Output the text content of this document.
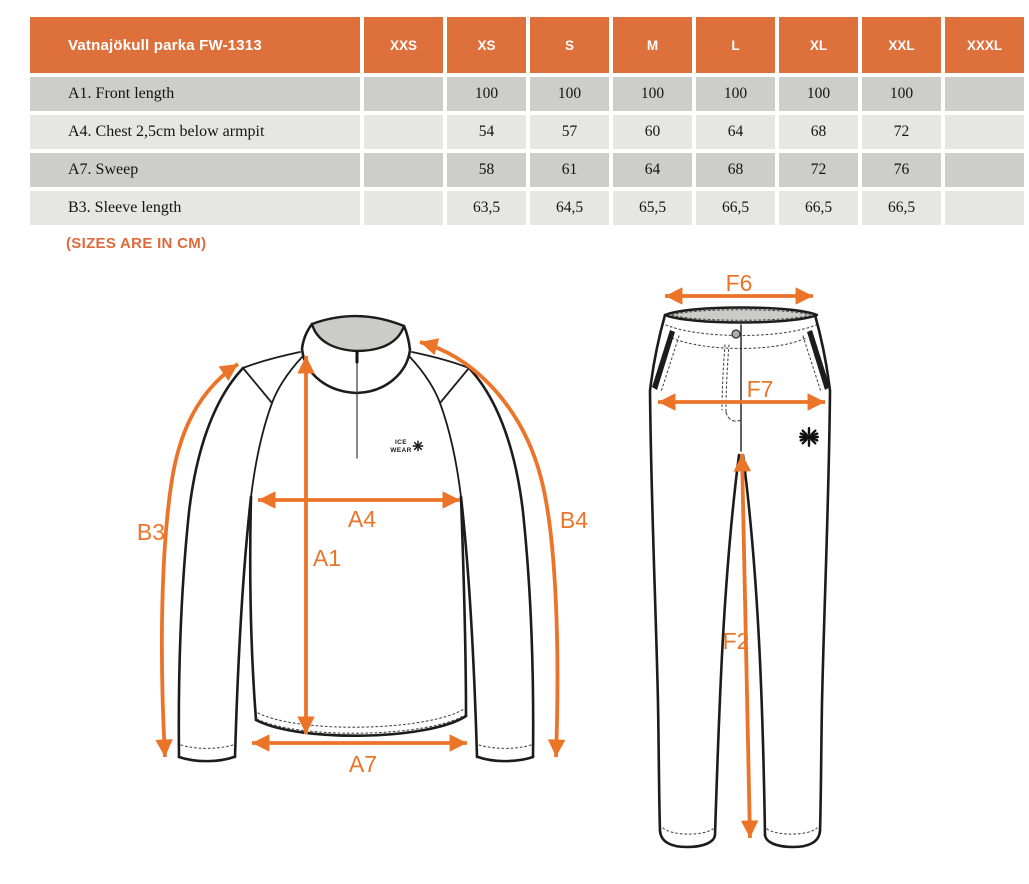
Vatnajökull parka FW-1313	XXS	XS	S	M	L	XL	XXL	XXXL
A1. Front length		100	100	100	100	100	100	
A4. Chest 2,5cm below armpit		54	57	60	64	68	72	
A7. Sweep		58	61	64	68	72	76	
B3. Sleeve length		63,5	64,5	65,5	66,5	66,5	66,5	
(SIZES ARE IN CM)
ICE
WEAR
B3	A4
A1
B4
A7
F6
F7
F2
